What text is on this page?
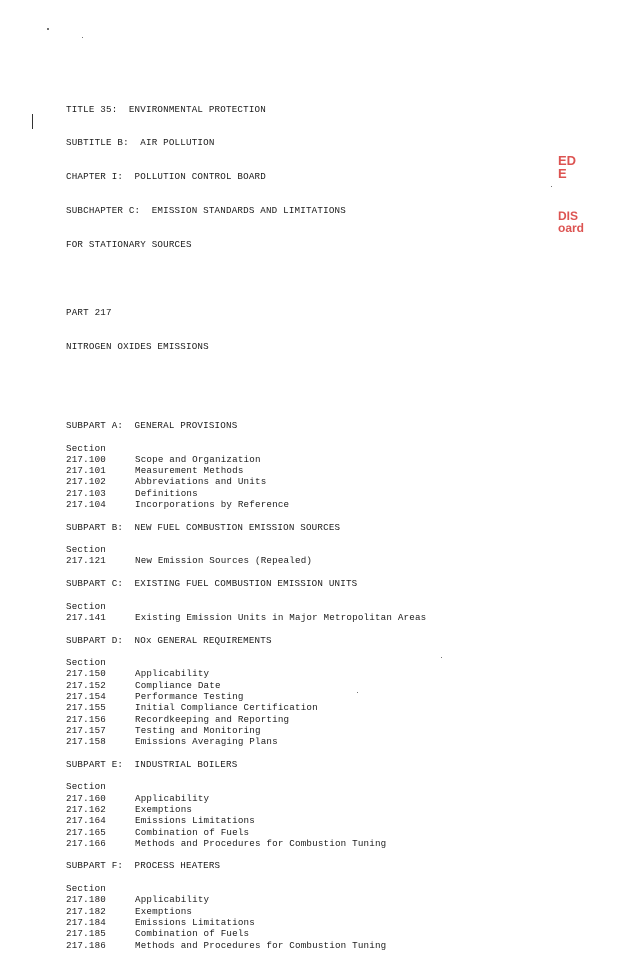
ED
E
DIS
oard

TITLE 35:  ENVIRONMENTAL PROTECTION

SUBTITLE B:  AIR POLLUTION

CHAPTER I:  POLLUTION CONTROL BOARD

SUBCHAPTER C:  EMISSION STANDARDS AND LIMITATIONS

FOR STATIONARY SOURCES

PART 217

NITROGEN OXIDES EMISSIONS

SUBPART A:  GENERAL PROVISIONS
Section
217.100	Scope and Organization
217.101	Measurement Methods
217.102	Abbreviations and Units
217.103	Definitions
217.104	Incorporations by Reference
SUBPART B:  NEW FUEL COMBUSTION EMISSION SOURCES
Section
217.121	New Emission Sources (Repealed)
SUBPART C:  EXISTING FUEL COMBUSTION EMISSION UNITS
Section
217.141	Existing Emission Units in Major Metropolitan Areas
SUBPART D:  NOx GENERAL REQUIREMENTS
Section
217.150	Applicability
217.152	Compliance Date
217.154	Performance Testing
217.155	Initial Compliance Certification
217.156	Recordkeeping and Reporting
217.157	Testing and Monitoring
217.158	Emissions Averaging Plans
SUBPART E:  INDUSTRIAL BOILERS
Section
217.160	Applicability
217.162	Exemptions
217.164	Emissions Limitations
217.165	Combination of Fuels
217.166	Methods and Procedures for Combustion Tuning
SUBPART F:  PROCESS HEATERS
Section
217.180	Applicability
217.182	Exemptions
217.184	Emissions Limitations
217.185	Combination of Fuels
217.186	Methods and Procedures for Combustion Tuning
